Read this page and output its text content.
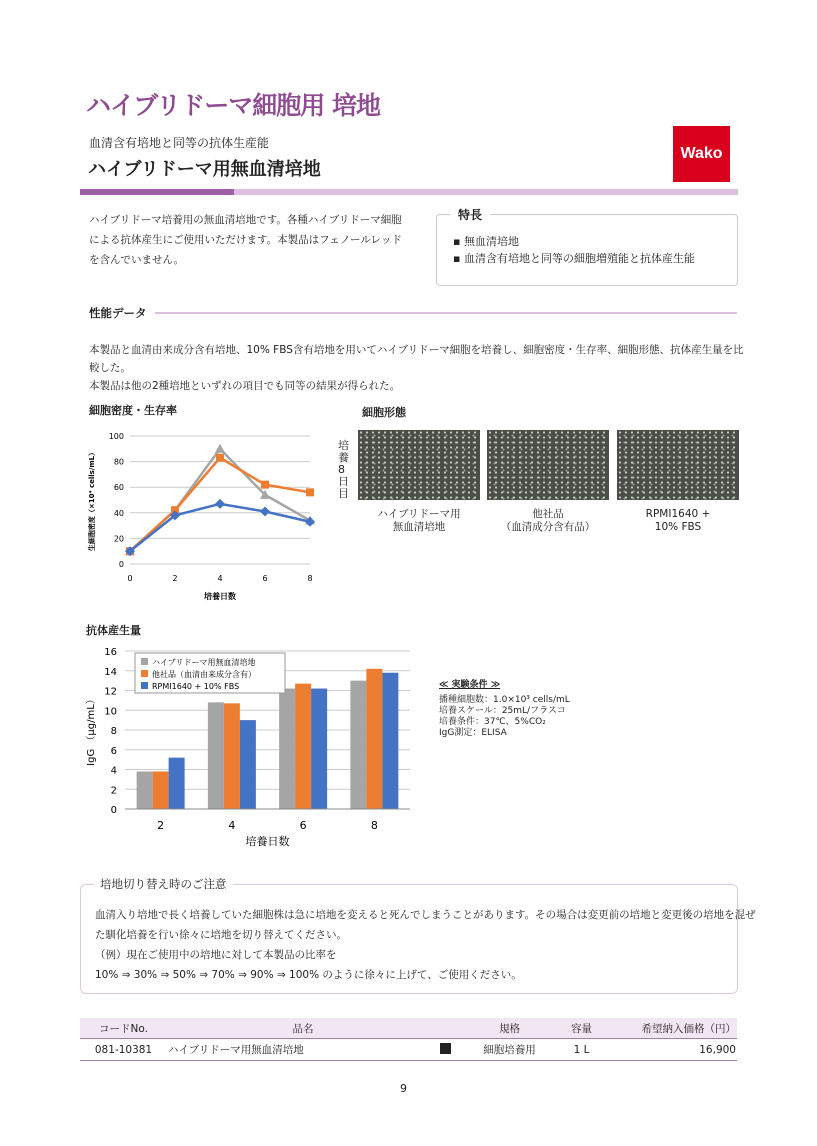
ハイブリドーマ細胞用 培地
血清含有培地と同等の抗体生産能
ハイブリドーマ用無血清培地
Wako
ハイブリドーマ培養用の無血清培地です。各種ハイブリドーマ細胞による抗体産生にご使用いただけます。本製品はフェノールレッドを含んでいません。
▪ 無血清培地
▪ 血清含有培地と同等の細胞増殖能と抗体産生能
特長
性能データ
本製品と血清由来成分含有培地、10% FBS含有培地を用いてハイブリドーマ細胞を培養し、細胞密度・生存率、細胞形態、抗体産生量を比較した。
本製品は他の2種培地といずれの項目でも同等の結果が得られた。
細胞密度・生存率
0
20
40
60
80
100
0	2	4	6	8
培養日数
生細胞密度（×10⁴ cells/mL）
細胞形態
培養8日目
ハイブリドーマ用
無血清培地
他社品
（血清成分含有品）
RPMI1640 +
10% FBS
抗体産生量
0
2
4
6
8
10
12
14
16
2	4	6	8
培養日数
IgG （μg/mL）
ハイブリドーマ用無血清培地
他社品（血清由来成分含有）
RPMI1640 + 10% FBS	≪ 実験条件 ≫
播種細胞数：1.0×10³ cells/mL
培養スケール：25mL/フラスコ
培養条件：37℃、5%CO₂
IgG測定：ELISA
培地切り替え時のご注意
血清入り培地で長く培養していた細胞株は急に培地を変えると死んでしまうことがあります。その場合は変更前の培地と変更後の培地を混ぜ
た馴化培養を行い徐々に培地を切り替えてください。
（例）現在ご使用中の培地に対して本製品の比率を
10% ⇒ 30% ⇒ 50% ⇒ 70% ⇒ 90% ⇒ 100% のように徐々に上げて、ご使用ください。
コードNo.	品名		規格	容量	希望納入価格（円）
081-10381	ハイブリドーマ用無血清培地		細胞培養用	1 L	16,900
9
